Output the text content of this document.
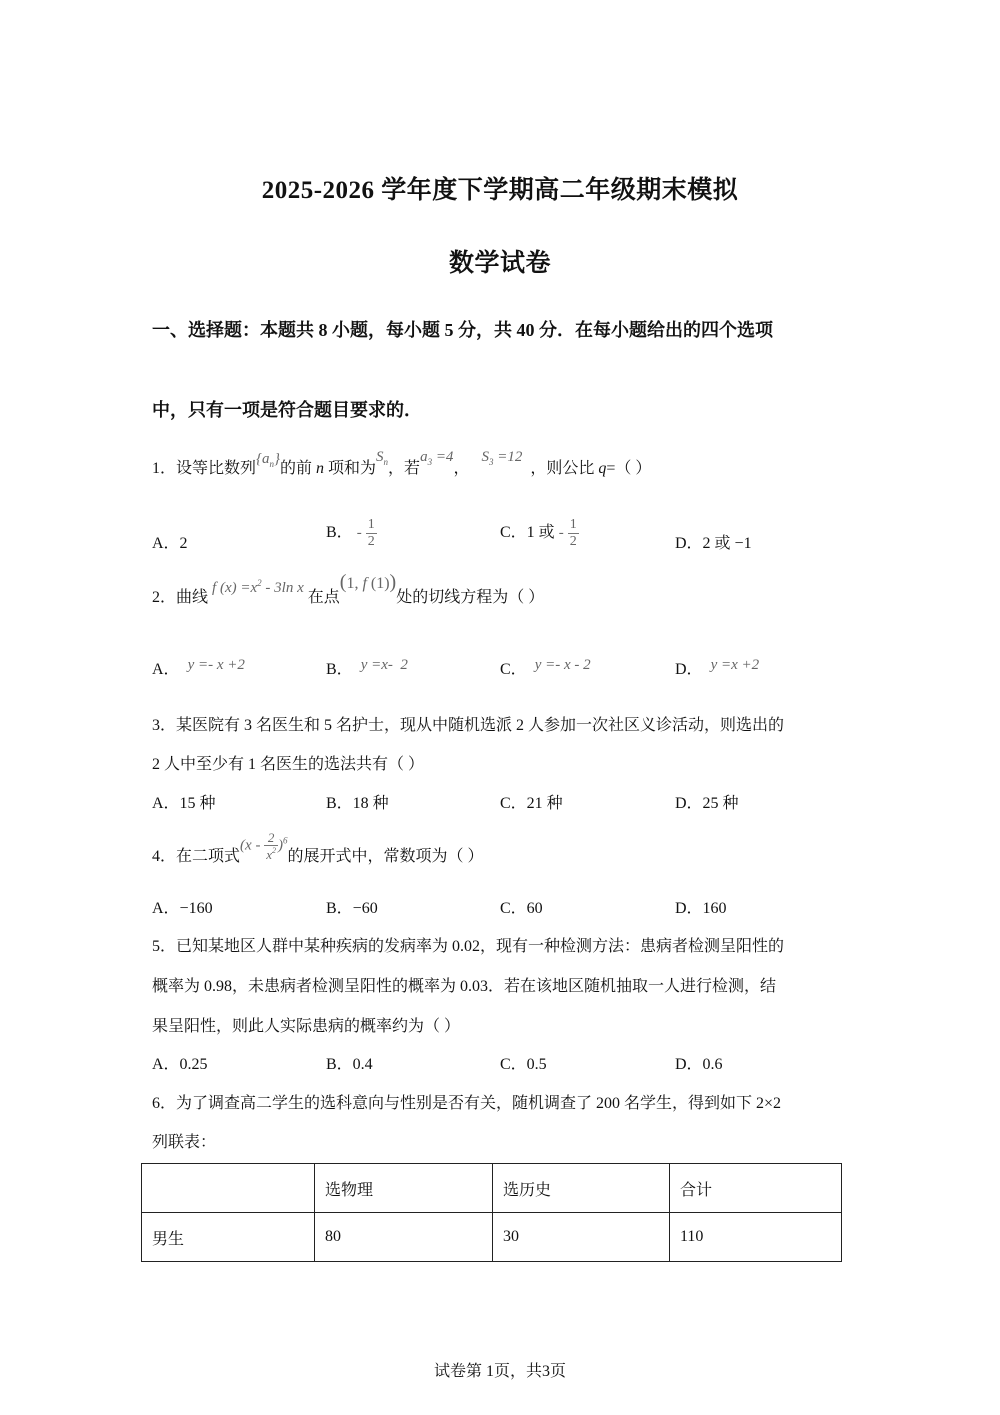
2025-2026 学年度下学期高二年级期末模拟
数学试卷
一、选择题：本题共 8 小题，每小题 5 分，共 40 分．在每小题给出的四个选项
中，只有一项是符合题目要求的．
1．设等比数列$\{a_n\}$的前 n 项和为$S_n$，若$a_3 =4$，   $S_3 =12$  ，则公比 q=（ ）
A．2
B． - $\frac{1}{2}$	C．1 或 - $\frac{1}{2}$	D．2 或 −1
2．曲线 f $(x) =x^2 - 3\ln$ x 在点(1, f (1))处的切线方程为（ ）
A． y =- x +2	B． y =x-  2	C． y =- x - 2	D． y =x +2
3．某医院有 3 名医生和 5 名护士，现从中随机选派 2 人参加一次社区义诊活动，则选出的
2 人中至少有 1 名医生的选法共有（ ）
A．15 种	B．18 种	C．21 种	D．25 种
4．在二项式$(x - \frac{2}{x^2} )^6$的展开式中，常数项为（ ）
A．−160	B．−60	C．60	D．160
5．已知某地区人群中某种疾病的发病率为 0.02，现有一种检测方法：患病者检测呈阳性的
概率为 0.98，未患病者检测呈阳性的概率为 0.03．若在该地区随机抽取一人进行检测，结
果呈阳性，则此人实际患病的概率约为（ ）
A．0.25	B．0.4	C．0.5	D．0.6
6．为了调查高二学生的选科意向与性别是否有关，随机调查了 200 名学生，得到如下 2×2
列联表：
	选物理	选历史	合计
男生	80	30	110
试卷第 1页，共3页
